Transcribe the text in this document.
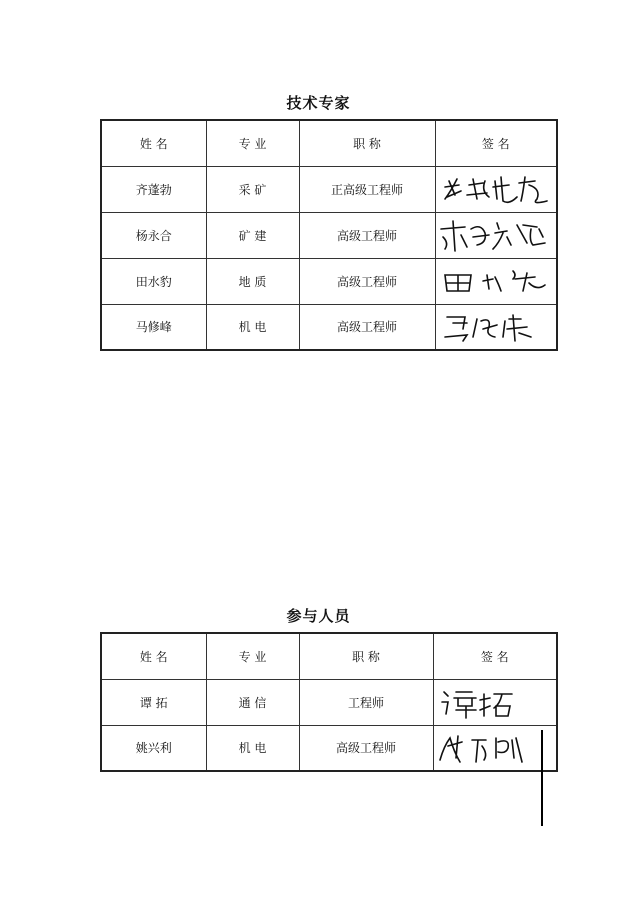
技术专家
姓 名	专 业	职 称	签 名
齐蓬勃	采 矿	正高级工程师	

杨永合	矿 建	高级工程师	

田水豹	地 质	高级工程师	

马修峰	机 电	高级工程师	
参与人员
姓 名	专 业	职 称	签 名
谭 拓	通 信	工程师	

姚兴利	机 电	高级工程师	
